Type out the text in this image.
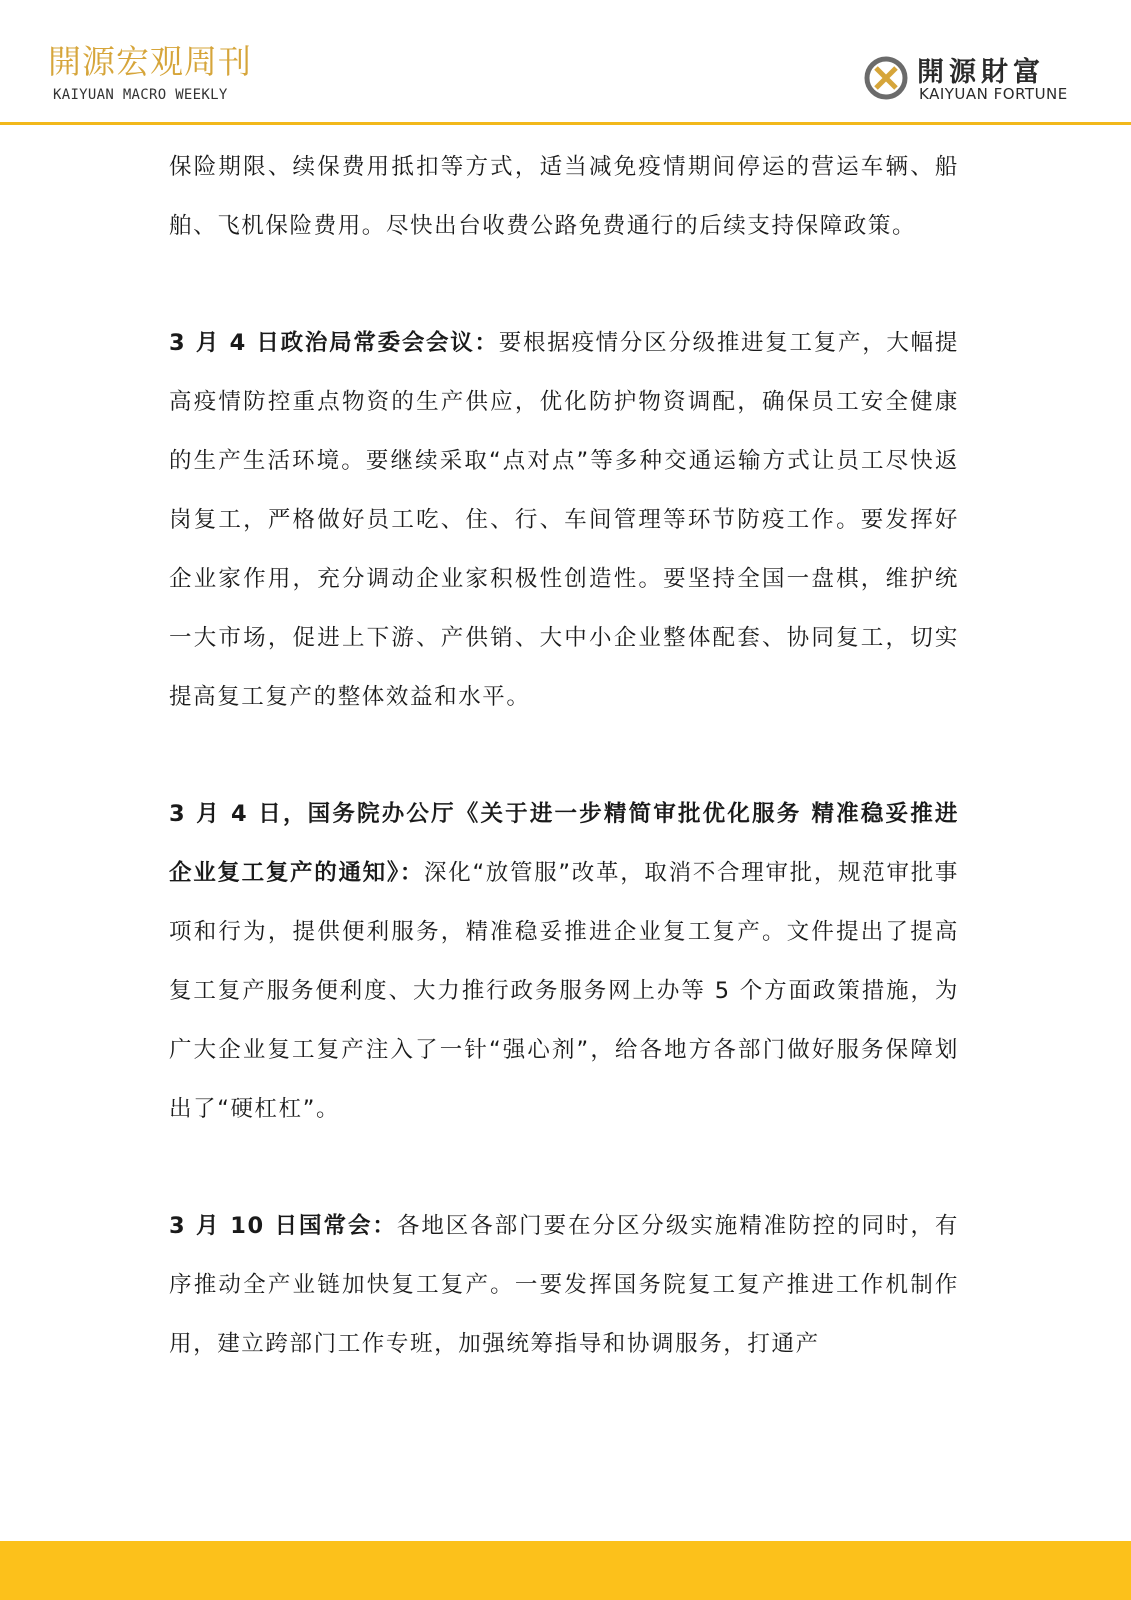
開源宏观周刊
KAIYUAN MACRO WEEKLY
開源財富
KAIYUAN FORTUNE

保险期限、续保费用抵扣等方式，适当减免疫情期间停运的营运车辆、船舶、飞机保险费用。尽快出台收费公路免费通行的后续支持保障政策。

3 月 4 日政治局常委会会议：要根据疫情分区分级推进复工复产，大幅提高疫情防控重点物资的生产供应，优化防护物资调配，确保员工安全健康的生产生活环境。要继续采取“点对点”等多种交通运输方式让员工尽快返岗复工，严格做好员工吃、住、行、车间管理等环节防疫工作。要发挥好企业家作用，充分调动企业家积极性创造性。要坚持全国一盘棋，维护统一大市场，促进上下游、产供销、大中小企业整体配套、协同复工，切实提高复工复产的整体效益和水平。

3 月 4 日，国务院办公厅《关于进一步精简审批优化服务 精准稳妥推进企业复工复产的通知》：深化“放管服”改革，取消不合理审批，规范审批事项和行为，提供便利服务，精准稳妥推进企业复工复产。文件提出了提高复工复产服务便利度、大力推行政务服务网上办等 5 个方面政策措施，为广大企业复工复产注入了一针“强心剂”，给各地方各部门做好服务保障划出了“硬杠杠”。

3 月 10 日国常会：各地区各部门要在分区分级实施精准防控的同时，有序推动全产业链加快复工复产。一要发挥国务院复工复产推进工作机制作用，建立跨部门工作专班，加强统筹指导和协调服务，打通产
